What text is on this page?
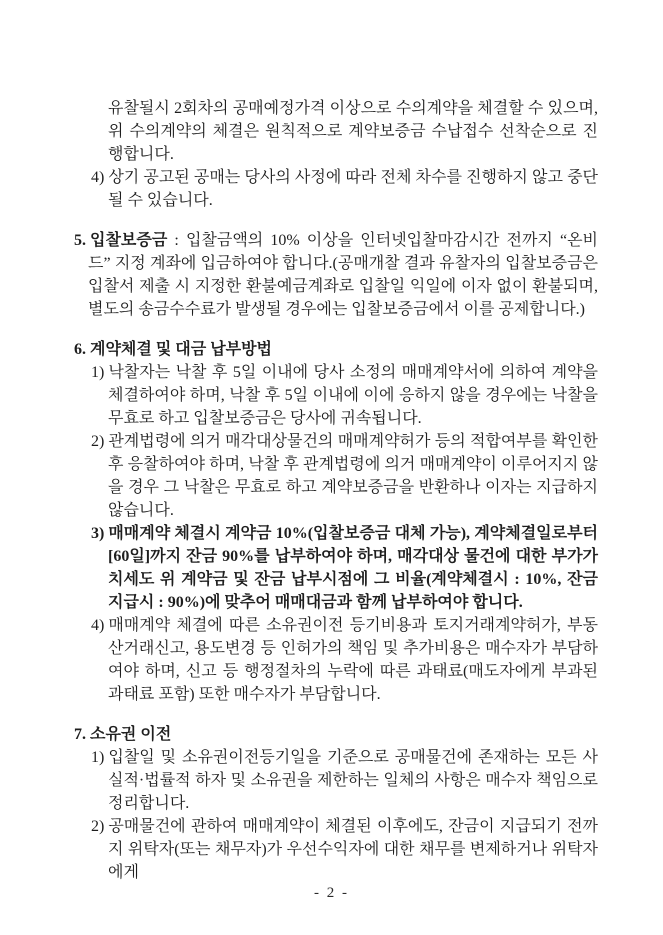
유찰될시 2회차의 공매예정가격 이상으로 수의계약을 체결할 수 있으며, 위 수의계약의 체결은 원칙적으로 계약보증금 수납접수 선착순으로 진행합니다.

4) 상기 공고된 공매는 당사의 사정에 따라 전체 차수를 진행하지 않고 중단될 수 있습니다.

5. 입찰보증금 : 입찰금액의 10% 이상을 인터넷입찰마감시간 전까지 “온비드” 지정 계좌에 입금하여야 합니다.(공매개찰 결과 유찰자의 입찰보증금은 입찰서 제출 시 지정한 환불예금계좌로 입찰일 익일에 이자 없이 환불되며, 별도의 송금수수료가 발생될 경우에는 입찰보증금에서 이를 공제합니다.)

6. 계약체결 및 대금 납부방법

1) 낙찰자는 낙찰 후 5일 이내에 당사 소정의 매매계약서에 의하여 계약을 체결하여야 하며, 낙찰 후 5일 이내에 이에 응하지 않을 경우에는 낙찰을 무효로 하고 입찰보증금은 당사에 귀속됩니다.

2) 관계법령에 의거 매각대상물건의 매매계약허가 등의 적합여부를 확인한 후 응찰하여야 하며, 낙찰 후 관계법령에 의거 매매계약이 이루어지지 않을 경우 그 낙찰은 무효로 하고 계약보증금을 반환하나 이자는 지급하지 않습니다.

3) 매매계약 체결시 계약금 10%(입찰보증금 대체 가능), 계약체결일로부터 [60일]까지 잔금 90%를 납부하여야 하며, 매각대상 물건에 대한 부가가치세도 위 계약금 및 잔금 납부시점에 그 비율(계약체결시 : 10%, 잔금 지급시 : 90%)에 맞추어 매매대금과 함께 납부하여야 합니다.

4) 매매계약 체결에 따른 소유권이전 등기비용과 토지거래계약허가, 부동산거래신고, 용도변경 등 인허가의 책임 및 추가비용은 매수자가 부담하여야 하며, 신고 등 행정절차의 누락에 따른 과태료(매도자에게 부과된 과태료 포함) 또한 매수자가 부담합니다.

7. 소유권 이전

1) 입찰일 및 소유권이전등기일을 기준으로 공매물건에 존재하는 모든 사실적·법률적 하자 및 소유권을 제한하는 일체의 사항은 매수자 책임으로 정리합니다.

2) 공매물건에 관하여 매매계약이 체결된 이후에도, 잔금이 지급되기 전까지 위탁자(또는 채무자)가 우선수익자에 대한 채무를 변제하거나 위탁자에게

- 2 -
